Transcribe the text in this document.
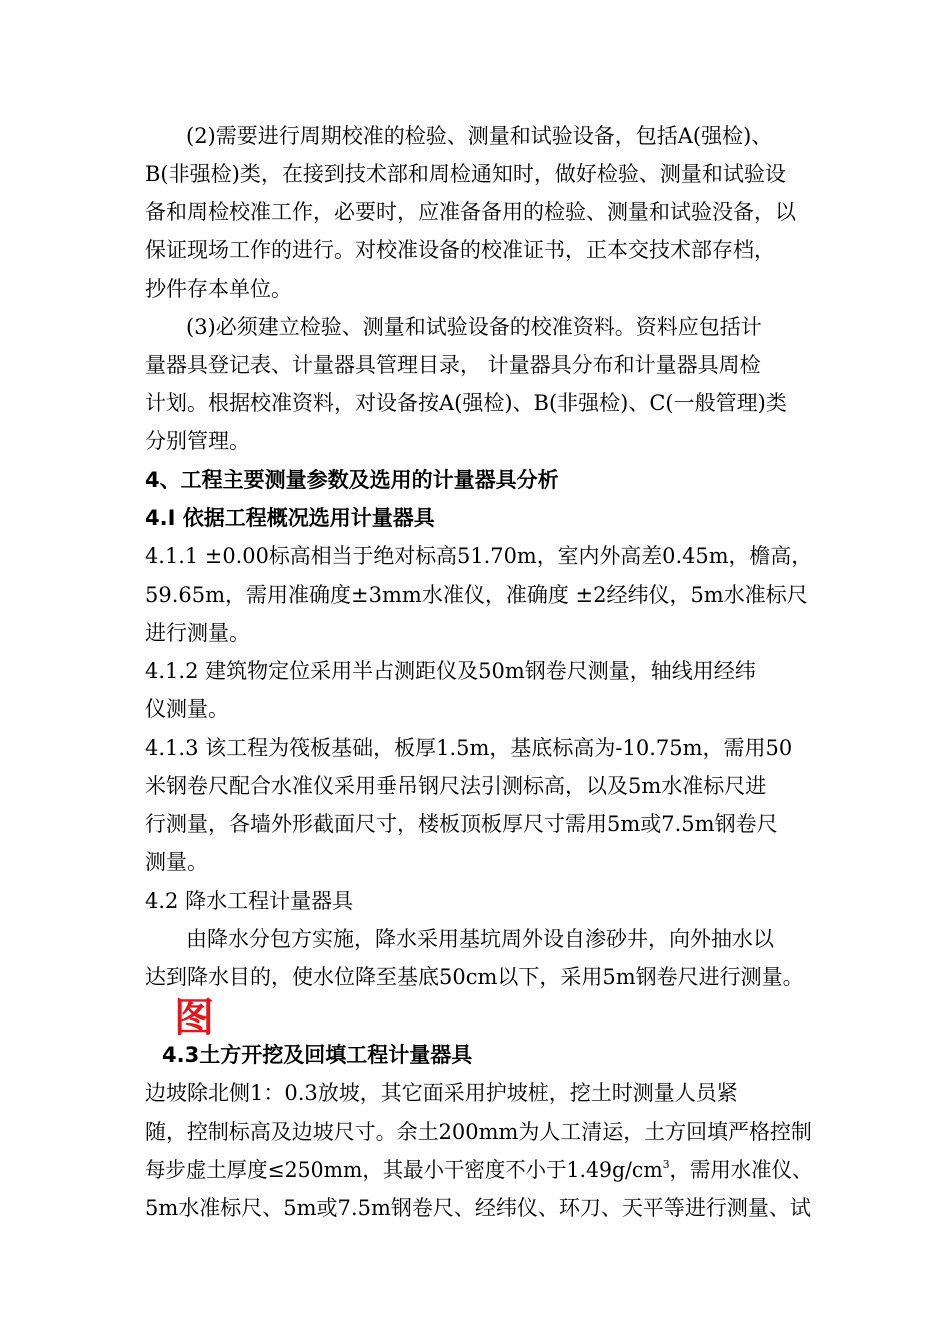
(2)需要进行周期校准的检验、测量和试验设备，包括A(强检)、
B(非强检)类，在接到技术部和周检通知时，做好检验、测量和试验设
备和周检校准工作，必要时，应准备备用的检验、测量和试验没备，以
保证现场工作的进行。对校准设备的校准证书，正本交技术部存档，
抄件存本单位。
(3)必须建立检验、测量和试验设备的校准资料。资料应包括计
量器具登记表、计量器具管理目录， 计量器具分布和计量器具周检
计划。根据校准资料，对设备按A(强检)、B(非强检)、C(一般管理)类
分别管理。
4、工程主要测量参数及选用的计量器具分析
4.I 依据工程概况选用计量器具
4.1.1 ±0.00标高相当于绝对标高51.70m，室内外高差0.45m，檐高，
59.65m，需用准确度±3mm水准仪，准确度 ±2经纬仪，5m水准标尺
进行测量。
4.1.2 建筑物定位采用半占测距仪及50m钢卷尺测量，轴线用经纬
仪测量。
4.1.3 该工程为筏板基础，板厚1.5m，基底标高为-10.75m，需用50
米钢卷尺配合水准仪采用垂吊钢尺法引测标高，以及5m水准标尺进
行测量，各墙外形截面尺寸，楼板顶板厚尺寸需用5m或7.5m钢卷尺
测量。
4.2 降水工程计量器具
由降水分包方实施，降水采用基坑周外设自渗砂井，向外抽水以
达到降水目的，使水位降至基底50cm以下，采用5m钢卷尺进行测量。
图
4.3土方开挖及回填工程计量器具
边坡除北侧1：0.3放坡，其它面采用护坡桩，挖土时测量人员紧
随，控制标高及边坡尺寸。余土200mm为人工清运，土方回填严格控制
每步虚土厚度≤250mm，其最小干密度不小于$1.49g/cm^3$，需用水准仪、
5m水准标尺、5m或7.5m钢卷尺、经纬仪、环刀、天平等进行测量、试
